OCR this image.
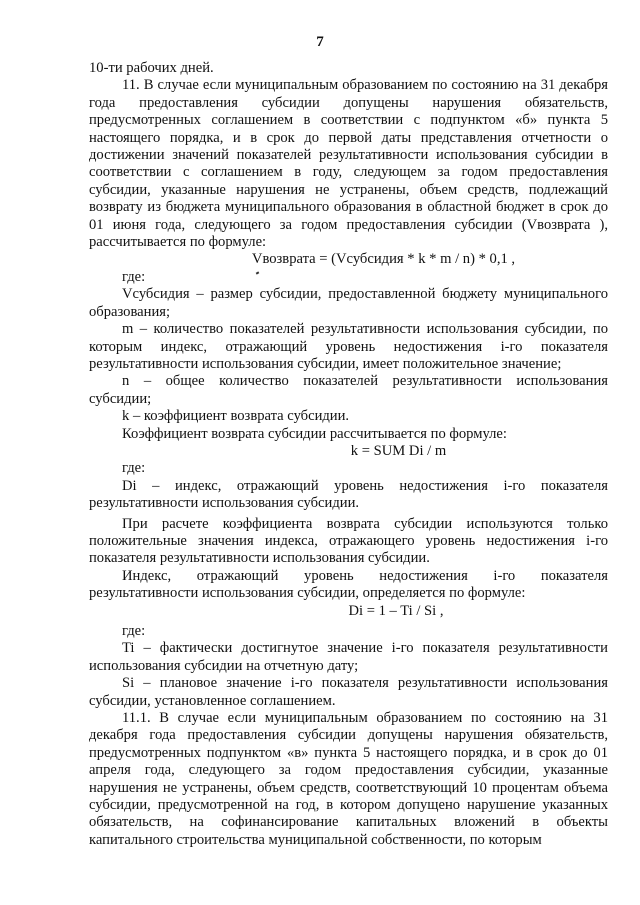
7

10-ти рабочих дней.

11. В случае если муниципальным образованием по состоянию на 31 декабря года предоставления субсидии допущены нарушения обязательств, предусмотренных соглашением в соответствии с подпунктом «б» пункта 5 настоящего порядка, и в срок до первой даты представления отчетности о достижении значений показателей результативности использования субсидии в соответствии с соглашением в году, следующем за годом предоставления субсидии, указанные нарушения не устранены, объем средств, подлежащий возврату из бюджета муниципального образования в областной бюджет в срок до 01 июня года, следующего за годом предоставления субсидии (Vвозврата ), рассчитывается по формуле:

Vвозврата = (Vсубсидия * k * m / n) * 0,1 ,

где:

Vсубсидия – размер субсидии, предоставленной бюджету муниципального образования;

m – количество показателей результативности использования субсидии, по которым индекс, отражающий уровень недостижения i-го показателя результативности использования субсидии, имеет положительное значение;

n – общее количество показателей результативности использования субсидии;

k – коэффициент возврата субсидии.

Коэффициент возврата субсидии рассчитывается по формуле:

k = SUM Di / m

где:

Di – индекс, отражающий уровень недостижения i-го показателя результативности использования субсидии.

При расчете коэффициента возврата субсидии используются только положительные значения индекса, отражающего уровень недостижения i-го показателя результативности использования субсидии.

Индекс, отражающий уровень недостижения i-го показателя результативности использования субсидии, определяется по формуле:

Di = 1 – Ti / Si ,

где:

Ti – фактически достигнутое значение i-го показателя результативности использования субсидии на отчетную дату;

Si – плановое значение i-го показателя результативности использования субсидии, установленное соглашением.

11.1. В случае если муниципальным образованием по состоянию на 31 декабря года предоставления субсидии допущены нарушения обязательств, предусмотренных подпунктом «в» пункта 5 настоящего порядка, и в срок до 01 апреля года, следующего за годом предоставления субсидии, указанные нарушения не устранены, объем средств, соответствующий 10 процентам объема субсидии, предусмотренной на год, в котором допущено нарушение указанных обязательств, на софинансирование капитальных вложений в объекты капитального строительства муниципальной собственности, по которым
